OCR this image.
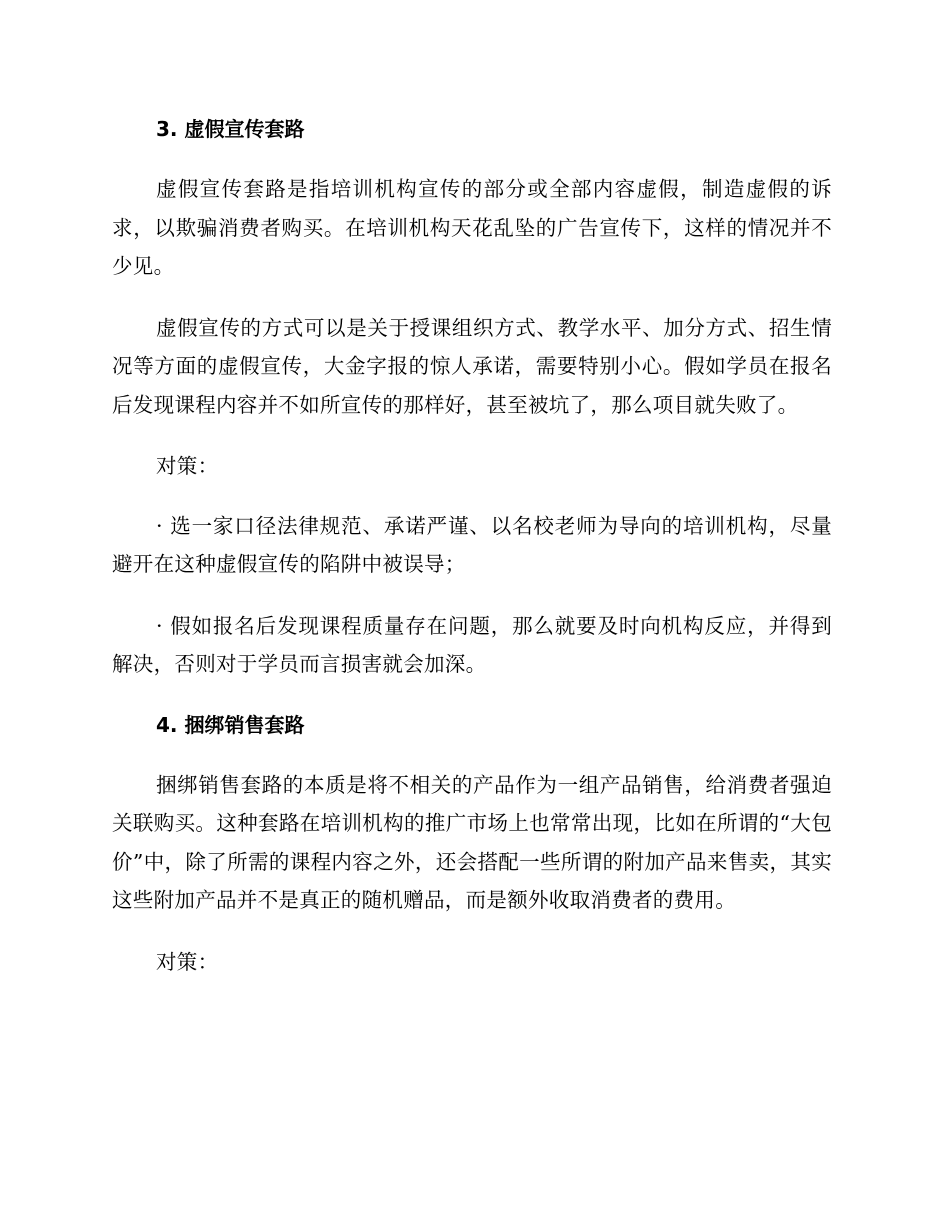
3. 虚假宣传套路

虚假宣传套路是指培训机构宣传的部分或全部内容虚假，制造虚假的诉求，以欺骗消费者购买。在培训机构天花乱坠的广告宣传下，这样的情况并不少见。

虚假宣传的方式可以是关于授课组织方式、教学水平、加分方式、招生情况等方面的虚假宣传，大金字报的惊人承诺，需要特别小心。假如学员在报名后发现课程内容并不如所宣传的那样好，甚至被坑了，那么项目就失败了。

对策：

· 选一家口径法律规范、承诺严谨、以名校老师为导向的培训机构，尽量避开在这种虚假宣传的陷阱中被误导；

· 假如报名后发现课程质量存在问题，那么就要及时向机构反应，并得到解决，否则对于学员而言损害就会加深。

4. 捆绑销售套路

捆绑销售套路的本质是将不相关的产品作为一组产品销售，给消费者强迫关联购买。这种套路在培训机构的推广市场上也常常出现，比如在所谓的“大包价”中，除了所需的课程内容之外，还会搭配一些所谓的附加产品来售卖，其实这些附加产品并不是真正的随机赠品，而是额外收取消费者的费用。

对策：
